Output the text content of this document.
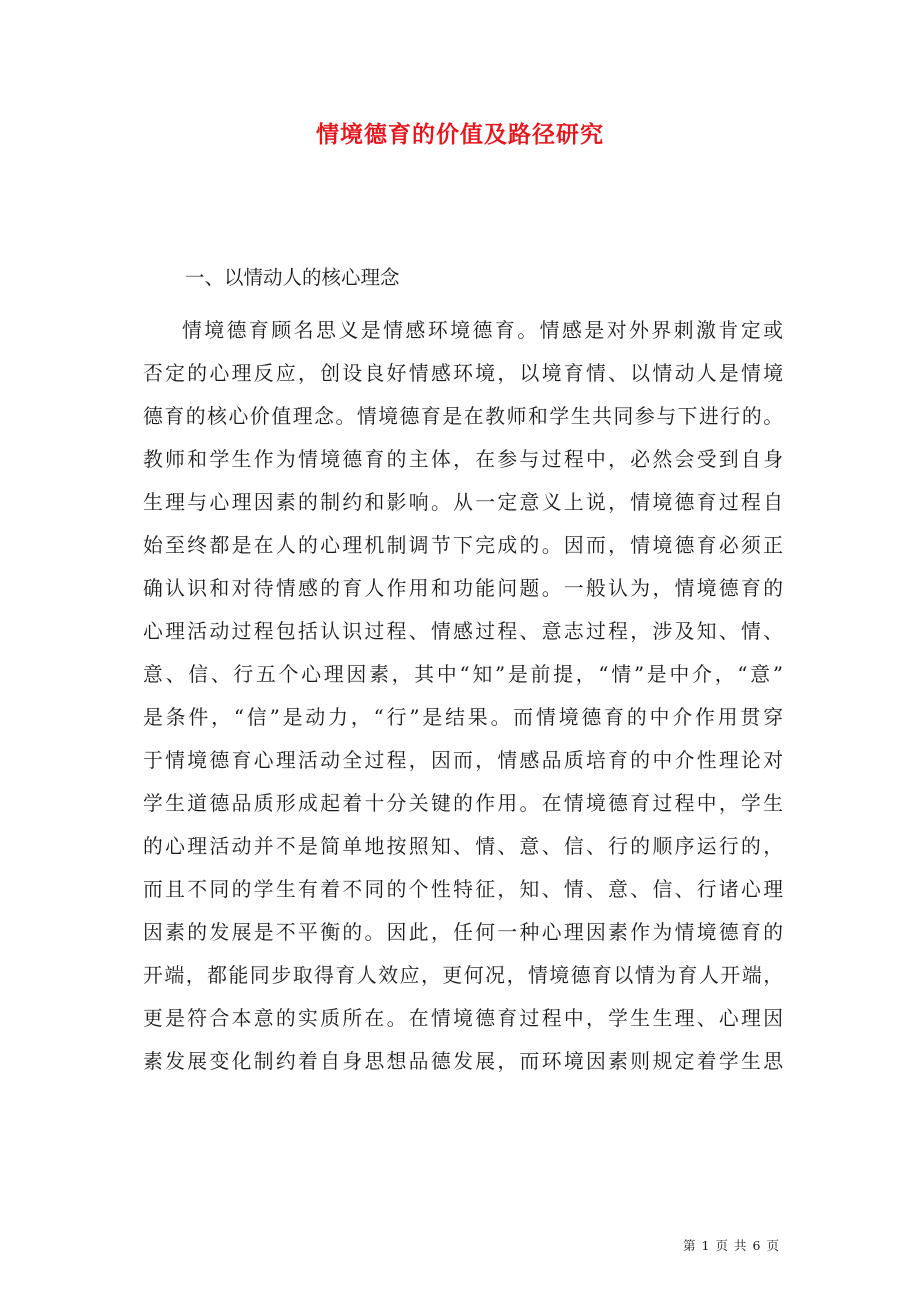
情境德育的价值及路径研究
一、以情动人的核心理念
情境德育顾名思义是情感环境德育。情感是对外界刺激肯定或
否定的心理反应，创设良好情感环境，以境育情、以情动人是情境
德育的核心价值理念。情境德育是在教师和学生共同参与下进行的。
教师和学生作为情境德育的主体，在参与过程中，必然会受到自身
生理与心理因素的制约和影响。从一定意义上说，情境德育过程自
始至终都是在人的心理机制调节下完成的。因而，情境德育必须正
确认识和对待情感的育人作用和功能问题。一般认为，情境德育的
心理活动过程包括认识过程、情感过程、意志过程，涉及知、情、
意、信、行五个心理因素，其中“知”是前提，“情”是中介，“意”
是条件，“信”是动力，“行”是结果。而情境德育的中介作用贯穿
于情境德育心理活动全过程，因而，情感品质培育的中介性理论对
学生道德品质形成起着十分关键的作用。在情境德育过程中，学生
的心理活动并不是简单地按照知、情、意、信、行的顺序运行的，
而且不同的学生有着不同的个性特征，知、情、意、信、行诸心理
因素的发展是不平衡的。因此，任何一种心理因素作为情境德育的
开端，都能同步取得育人效应，更何况，情境德育以情为育人开端，
更是符合本意的实质所在。在情境德育过程中，学生生理、心理因
素发展变化制约着自身思想品德发展，而环境因素则规定着学生思
第 1 页 共 6 页
